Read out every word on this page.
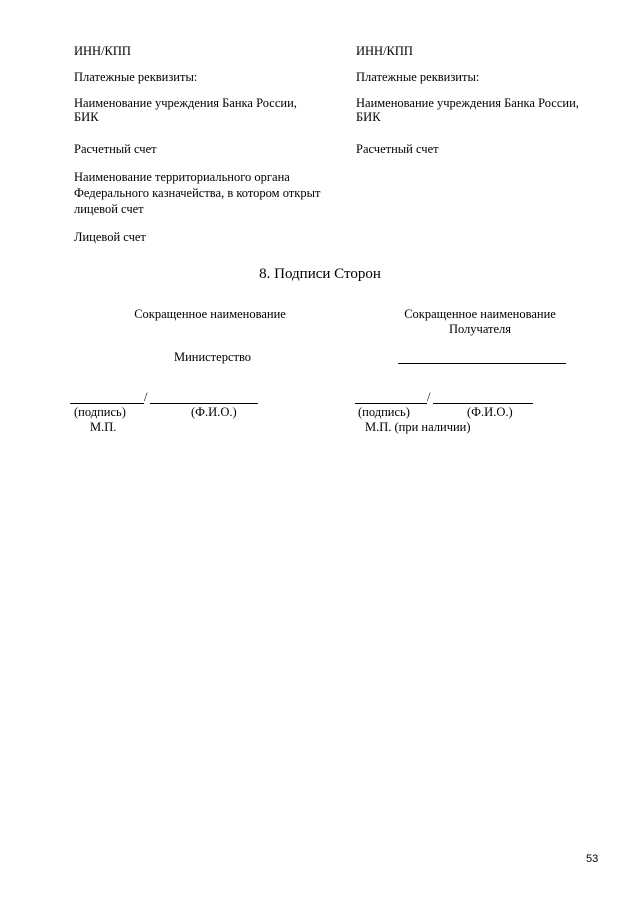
ИНН/КПП
Платежные реквизиты:
Наименование учреждения Банка России,
БИК
Расчетный счет
Наименование территориального органа
Федерального казначейства, в котором открыт
лицевой счет
Лицевой счет
ИНН/КПП
Платежные реквизиты:
Наименование учреждения Банка России,
БИК
Расчетный счет
8. Подписи Сторон
Сокращенное наименование
Министерство
/
(подпись)	(Ф.И.О.)
М.П.
Сокращенное наименование
Получателя
/
(подпись)	(Ф.И.О.)
М.П. (при наличии)
53
